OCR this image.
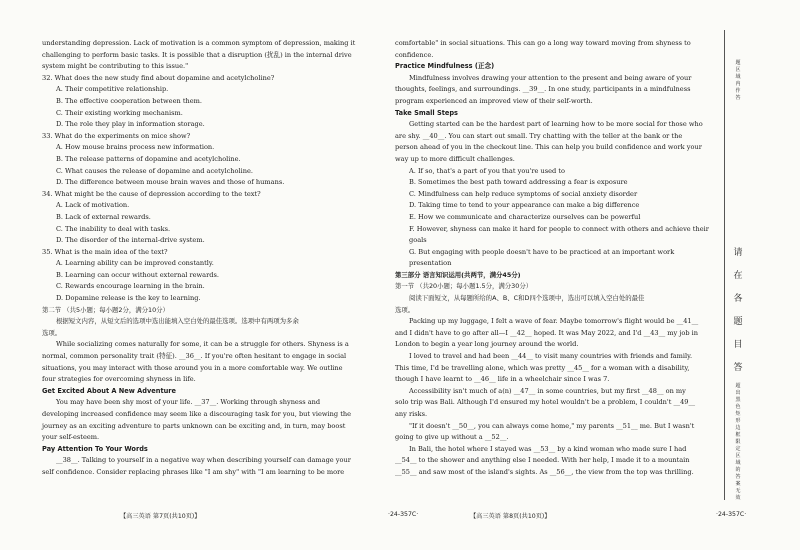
understanding depression. Lack of motivation is a common symptom of depression, making it
challenging to perform basic tasks. It is possible that a disruption (扰乱) in the internal drive
system might be contributing to this issue."
32. What does the new study find about dopamine and acetylcholine?
A. Their competitive relationship.
B. The effective cooperation between them.
C. Their existing working mechanism.
D. The role they play in information storage.
33. What do the experiments on mice show?
A. How mouse brains process new information.
B. The release patterns of dopamine and acetylcholine.
C. What causes the release of dopamine and acetylcholine.
D. The difference between mouse brain waves and those of humans.
34. What might be the cause of depression according to the text?
A. Lack of motivation.
B. Lack of external rewards.
C. The inability to deal with tasks.
D. The disorder of the internal-drive system.
35. What is the main idea of the text?
A. Learning ability can be improved constantly.
B. Learning can occur without external rewards.
C. Rewards encourage learning in the brain.
D. Dopamine release is the key to learning.
第二节 （共5小题；每小题2分，满分10分）
根据短文内容，从短文后的选项中选出能填入空白处的最佳选项。选项中有两项为多余
选项。
While socializing comes naturally for some, it can be a struggle for others. Shyness is a
normal, common personality trait (特征). __36__. If you're often hesitant to engage in social
situations, you may interact with those around you in a more comfortable way. We outline
four strategies for overcoming shyness in life.
Get Excited About A New Adventure
You may have been shy most of your life. __37__. Working through shyness and
developing increased confidence may seem like a discouraging task for you, but viewing the
journey as an exciting adventure to parts unknown can be exciting and, in turn, may boost
your self-esteem.
Pay Attention To Your Words
__38__. Talking to yourself in a negative way when describing yourself can damage your
self confidence. Consider replacing phrases like "I am shy" with "I am learning to be more
comfortable" in social situations. This can go a long way toward moving from shyness to
confidence.
Practice Mindfulness (正念)
Mindfulness involves drawing your attention to the present and being aware of your
thoughts, feelings, and surroundings. __39__. In one study, participants in a mindfulness
program experienced an improved view of their self-worth.
Take Small Steps
Getting started can be the hardest part of learning how to be more social for those who
are shy. __40__. You can start out small. Try chatting with the teller at the bank or the
person ahead of you in the checkout line. This can help you build confidence and work your
way up to more difficult challenges.
A. If so, that's a part of you that you're used to
B. Sometimes the best path toward addressing a fear is exposure
C. Mindfulness can help reduce symptoms of social anxiety disorder
D. Taking time to tend to your appearance can make a big difference
E. How we communicate and characterize ourselves can be powerful
F. However, shyness can make it hard for people to connect with others and achieve their
goals
G. But engaging with people doesn't have to be practiced at an important work
presentation
第三部分 语言知识运用(共两节，满分45分)
第一节 （共20小题；每小题1.5分，满分30分）
阅读下面短文，从每题所给的A、B、C和D四个选项中，选出可以填入空白处的最佳
选项。
Packing up my luggage, I felt a wave of fear. Maybe tomorrow's flight would be __41__
and I didn't have to go after all—I __42__ hoped. It was May 2022, and I'd __43__ my job in
London to begin a year long journey around the world.
I loved to travel and had been __44__ to visit many countries with friends and family.
This time, I'd be travelling alone, which was pretty __45__ for a woman with a disability,
though I have learnt to __46__ life in a wheelchair since I was 7.
Accessibility isn't much of a(n) __47__ in some countries, but my first __48__ on my
solo trip was Bali. Although I'd ensured my hotel wouldn't be a problem, I couldn't __49__
any risks.
"If it doesn't __50__, you can always come home," my parents __51__ me. But I wasn't
going to give up without a __52__.
In Bali, the hotel where I stayed was __53__ by a kind woman who made sure I had
__54__ to the shower and anything else I needed. With her help, I made it to a mountain
__55__ and saw most of the island's sights. As __56__, the view from the top was thrilling.
【高三英语 第7页(共10页)】	·24-357C·	【高三英语 第8页(共10页)】	·24-357C·
请
在
各
题
目
答
超出黑色矩形边框限定区域的答案无效
题区域内作答
